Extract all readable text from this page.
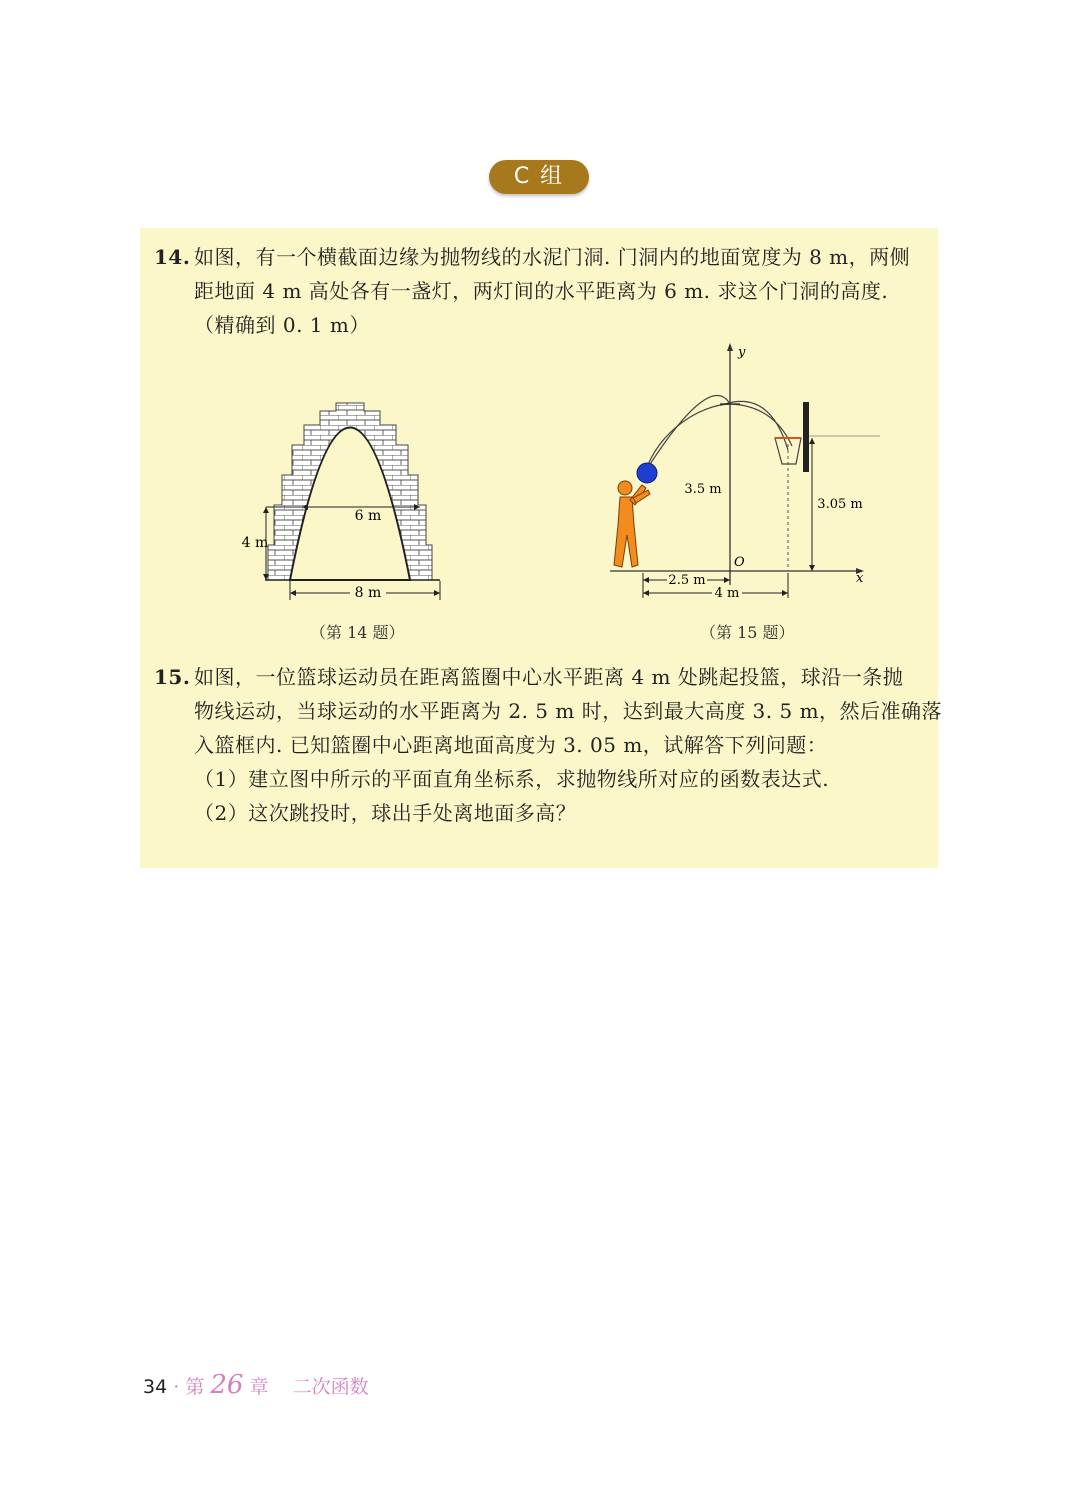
C 组
14. 如图，有一个横截面边缘为抛物线的水泥门洞. 门洞内的地面宽度为 8 m，两侧
距地面 4 m 高处各有一盏灯，两灯间的水平距离为 6 m. 求这个门洞的高度.
（精确到 0. 1 m）
6 m
4 m
8 m
（第 14 题）
y
x
O
3.5 m
3.05 m
2.5 m
4 m
（第 15 题）
15. 如图，一位篮球运动员在距离篮圈中心水平距离 4 m 处跳起投篮，球沿一条抛
物线运动，当球运动的水平距离为 2. 5 m 时，达到最大高度 3. 5 m，然后准确落
入篮框内. 已知篮圈中心距离地面高度为 3. 05 m，试解答下列问题：
（1）建立图中所示的平面直角坐标系，求抛物线所对应的函数表达式.
（2）这次跳投时，球出手处离地面多高？
34 · 第 26 章 二次函数
